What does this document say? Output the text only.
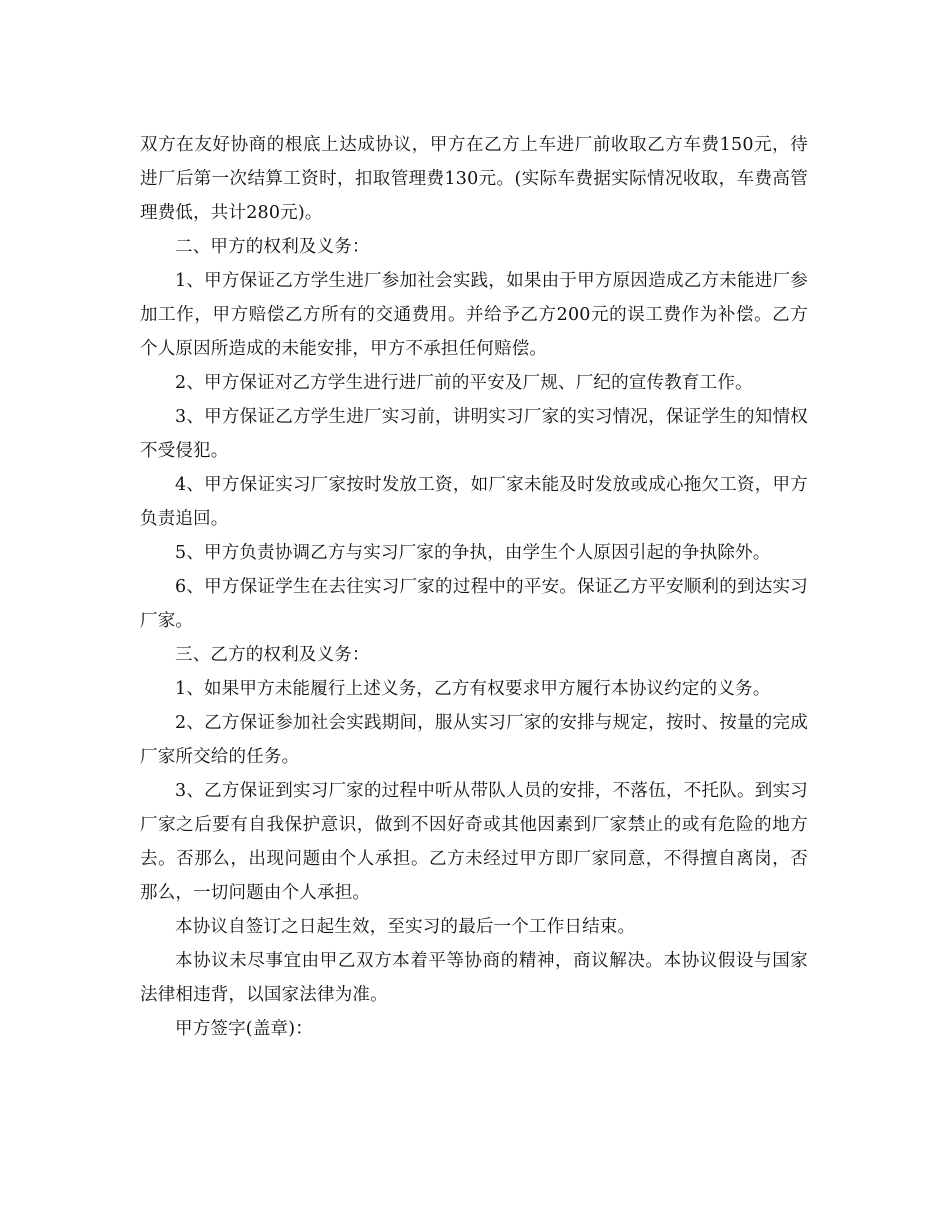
双方在友好协商的根底上达成协议，甲方在乙方上车进厂前收取乙方车费150元，待进厂后第一次结算工资时，扣取管理费130元。(实际车费据实际情况收取，车费高管理费低，共计280元)。

二、甲方的权利及义务：

1、甲方保证乙方学生进厂参加社会实践，如果由于甲方原因造成乙方未能进厂参加工作，甲方赔偿乙方所有的交通费用。并给予乙方200元的误工费作为补偿。乙方个人原因所造成的未能安排，甲方不承担任何赔偿。

2、甲方保证对乙方学生进行进厂前的平安及厂规、厂纪的宣传教育工作。

3、甲方保证乙方学生进厂实习前，讲明实习厂家的实习情况，保证学生的知情权不受侵犯。

4、甲方保证实习厂家按时发放工资，如厂家未能及时发放或成心拖欠工资，甲方负责追回。

5、甲方负责协调乙方与实习厂家的争执，由学生个人原因引起的争执除外。

6、甲方保证学生在去往实习厂家的过程中的平安。保证乙方平安顺利的到达实习厂家。

三、乙方的权利及义务：

1、如果甲方未能履行上述义务，乙方有权要求甲方履行本协议约定的义务。

2、乙方保证参加社会实践期间，服从实习厂家的安排与规定，按时、按量的完成厂家所交给的任务。

3、乙方保证到实习厂家的过程中听从带队人员的安排，不落伍，不托队。到实习厂家之后要有自我保护意识，做到不因好奇或其他因素到厂家禁止的或有危险的地方去。否那么，出现问题由个人承担。乙方未经过甲方即厂家同意，不得擅自离岗，否那么，一切问题由个人承担。

本协议自签订之日起生效，至实习的最后一个工作日结束。

本协议未尽事宜由甲乙双方本着平等协商的精神，商议解决。本协议假设与国家法律相违背，以国家法律为准。

甲方签字(盖章)：
